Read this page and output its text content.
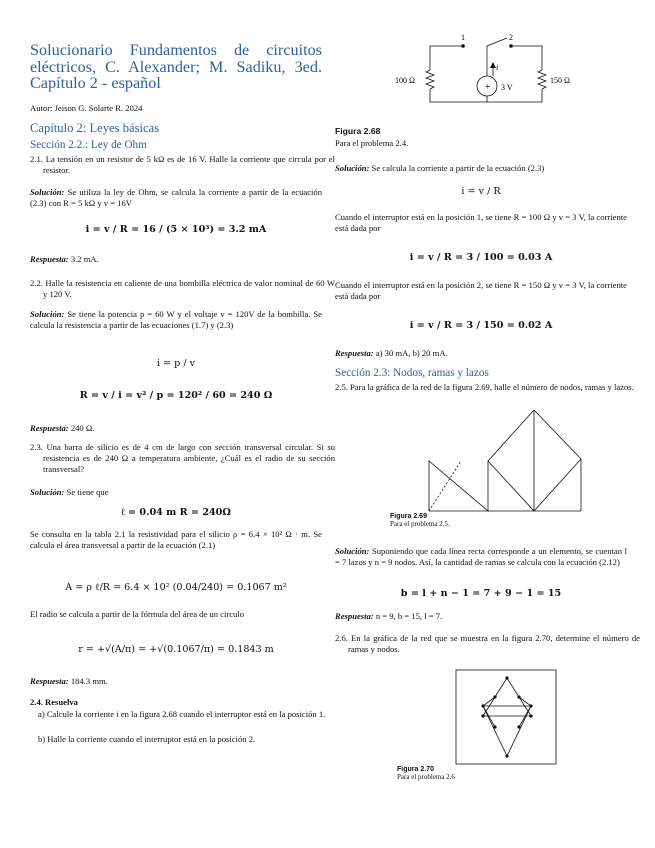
Solucionario Fundamentos de circuitos eléctricos, C. Alexander; M. Sadiku, 3ed. Capítulo 2 - español
Autor: Jeison G. Solarte R. 2024
Capítulo 2: Leyes básicas
Sección 2.2.: Ley de Ohm
2.1. La tensión en un resistor de 5 kΩ es de 16 V. Halle la corriente que circula por el resistor.
Solución: Se utiliza la ley de Ohm, se calcula la corriente a partir de la ecuación (2.3) con R = 5 kΩ y v = 16V
i = v / R = 16 / (5 × 10³) = 3.2 mA
Respuesta: 3.2 mA.
2.2. Halle la resistencia en caliente de una bombilla eléctrica de valor nominal de 60 W y 120 V.
Solución: Se tiene la potencia p = 60 W y el voltaje v = 120V de la bombilla. Se calcula la resistencia a partir de las ecuaciones (1.7) y (2.3)
i = p / v
R = v / i = v² / p = 120² / 60 = 240 Ω
Respuesta: 240 Ω.
2.3. Una barra de silicio es de 4 cm de largo con sección transversal circular. Si su resistencia es de 240 Ω a temperatura ambiente, ¿Cuál es el radio de su sección transversal?
Solución: Se tiene que
ℓ = 0.04 m R = 240Ω
Se consulta en la tabla 2.1 la resistividad para el silicio ρ = 6.4 × 10² Ω · m. Se calcula el área transversal a partir de la ecuación (2.1)
A = ρ ℓ/R = 6.4 × 10² (0.04/240) = 0.1067 m²
El radio se calcula a partir de la fórmula del área de un circulo
r = +√(A/π) = +√(0.1067/π) = 0.1843 m
Respuesta: 184.3 mm.
2.4. Resuelva
a) Calcule la corriente i en la figura 2.68 cuando el interruptor está en la posición 1.
b) Halle la corriente cuando el interruptor está en la posición 2.
+
1	2
100 Ω	150 Ω
3 V
i
Figura 2.68
Para el problema 2.4.
Solución: Se calcula la corriente a partir de la ecuación (2.3)
i = v / R
Cuando el interruptor está en la posición 1, se tiene R = 100 Ω y v = 3 V, la corriente está dada por
i = v / R = 3 / 100 = 0.03 A
Cuando el interruptor está en la posición 2, se tiene R = 150 Ω y v = 3 V, la corriente está dada por
i = v / R = 3 / 150 = 0.02 A
Respuesta: a) 30 mA, b) 20 mA.
Sección 2.3: Nodos, ramas y lazos
2.5. Para la gráfica de la red de la figura 2.69, halle el número de nodos, ramas y lazos.
Figura 2.69
Para el problema 2.5.
Solución: Suponiendo que cada línea recta corresponde a un elemento, se cuentan l = 7 lazos y n = 9 nodos. Así, la cantidad de ramas se calcula con la ecuación (2.12)
b = l + n − 1 = 7 + 9 − 1 = 15
Respuesta: n = 9, b = 15, l = 7.
2.6. En la gráfica de la red que se muestra en la figura 2.70, determine el número de ramas y nodos.
Figura 2.70
Para el problema 2.6
